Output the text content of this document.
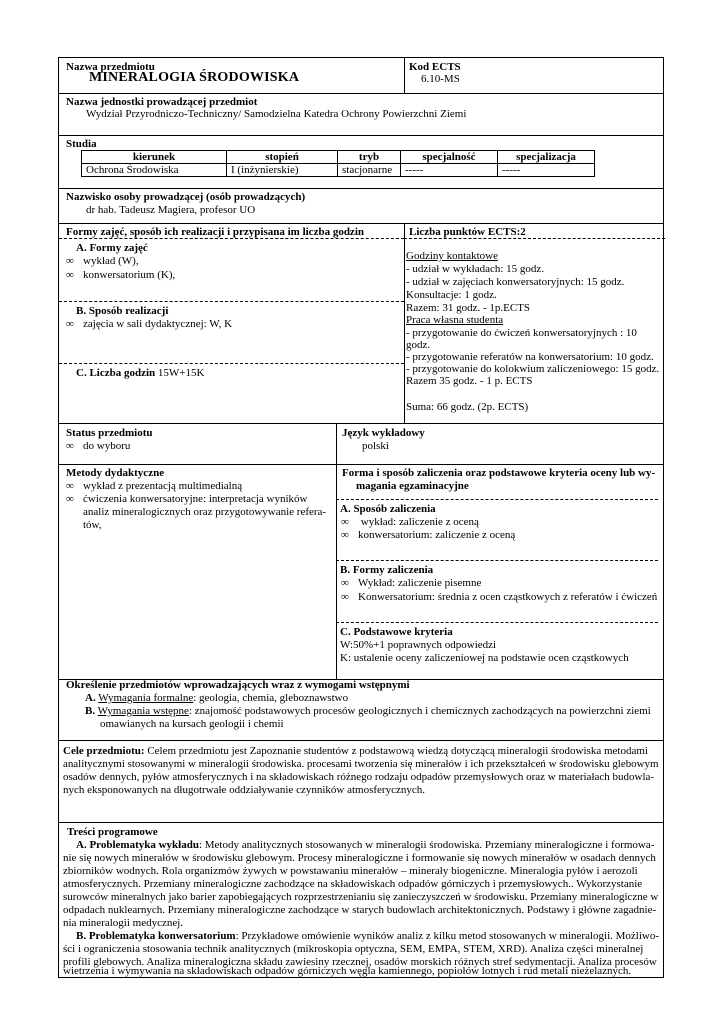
Nazwa przedmiotu
MINERALOGIA ŚRODOWISKA
Kod ECTS
6.10-MS
Nazwa jednostki prowadzącej przedmiot
Wydział Przyrodniczo-Techniczny/ Samodzielna Katedra Ochrony Powierzchni Ziemi
Studia
kierunek	stopień	tryb	specjalność	specjalizacja
Ochrona Środowiska	I (inżynierskie)	stacjonarne	-----	-----
Nazwisko osoby prowadzącej (osób prowadzących)
dr hab. Tadeusz Magiera, profesor UO
Formy zajęć, sposób ich realizacji i przypisana im liczba godzin
A. Formy zajęć
∞ wykład (W),
∞ konwersatorium (K),
B. Sposób realizacji
∞ zajęcia w sali dydaktycznej: W, K
C. Liczba godzin 15W+15K
Liczba punktów ECTS:2
Godziny kontaktowe
- udział w wykładach: 15 godz.
- udział w zajęciach konwersatoryjnych: 15 godz.
Konsultacje: 1 godz.
Razem: 31 godz. - 1p.ECTS
Praca własna studenta
- przygotowanie do ćwiczeń konwersatoryjnych : 10
godz.
- przygotowanie referatów na konwersatorium: 10 godz.
- przygotowanie do kolokwium zaliczeniowego: 15 godz.
Razem 35 godz. - 1 p. ECTS
Suma: 66 godz. (2p. ECTS)
Status przedmiotu
∞ do wyboru
Język wykładowy
polski
Metody dydaktyczne
∞ wykład z prezentacją multimedialną
∞ ćwiczenia konwersatoryjne: interpretacja wyników
analiz mineralogicznych oraz przygotowywanie refera-
tów,
Forma i sposób zaliczenia oraz podstawowe kryteria oceny lub wy-
magania egzaminacyjne
A. Sposób zaliczenia
∞ wykład: zaliczenie z oceną
∞ konwersatorium: zaliczenie z oceną
B. Formy zaliczenia
∞ Wykład: zaliczenie pisemne
∞ Konwersatorium: średnia z ocen cząstkowych z referatów i ćwiczeń
C. Podstawowe kryteria
W:50%+1 poprawnych odpowiedzi
K: ustalenie oceny zaliczeniowej na podstawie ocen cząstkowych
Określenie przedmiotów wprowadzających wraz z wymogami wstępnymi
A. Wymagania formalne: geologia, chemia, gleboznawstwo
B. Wymagania wstępne: znajomość podstawowych procesów geologicznych i chemicznych zachodzących na powierzchni ziemi
omawianych na kursach geologii i chemii
Cele przedmiotu: Celem przedmiotu jest Zapoznanie studentów z podstawową wiedzą dotyczącą mineralogii środowiska metodami
analitycznymi stosowanymi w mineralogii środowiska. procesami tworzenia się minerałów i ich przekształceń w środowisku glebowym
osadów dennych, pyłów atmosferycznych i na składowiskach różnego rodzaju odpadów przemysłowych oraz w materiałach budowla-
nych eksponowanych na długotrwałe oddziaływanie czynników atmosferycznych.
Treści programowe
A. Problematyka wykładu: Metody analitycznych stosowanych w mineralogii środowiska. Przemiany mineralogiczne i formowa-
nie się nowych minerałów w środowisku glebowym. Procesy mineralogiczne i formowanie się nowych minerałów w osadach dennych
zbiorników wodnych. Rola organizmów żywych w powstawaniu minerałów – minerały biogeniczne. Mineralogia pyłów i aerozoli
atmosferycznych. Przemiany mineralogiczne zachodzące na składowiskach odpadów górniczych i przemysłowych.. Wykorzystanie
surowców mineralnych jako barier zapobiegających rozprzestrzenianiu się zanieczyszczeń w środowisku. Przemiany mineralogiczne w
odpadach nuklearnych. Przemiany mineralogiczne zachodzące w starych budowlach architektonicznych. Podstawy i główne zagadnie-
nia mineralogii medycznej.
B. Problematyka konwersatorium: Przykładowe omówienie wyników analiz z kilku metod stosowanych w mineralogii. Możliwo-
ści i ograniczenia stosowania technik analitycznych (mikroskopia optyczna, SEM, EMPA, STEM, XRD). Analiza części mineralnej
profili glebowych. Analiza mineralogiczna składu zawiesiny rzecznej, osadów morskich różnych stref sedymentacji. Analiza procesów
wietrzenia i wymywania na składowiskach odpadów górniczych węgla kamiennego, popiołów lotnych i rud metali nieżelaznych.
